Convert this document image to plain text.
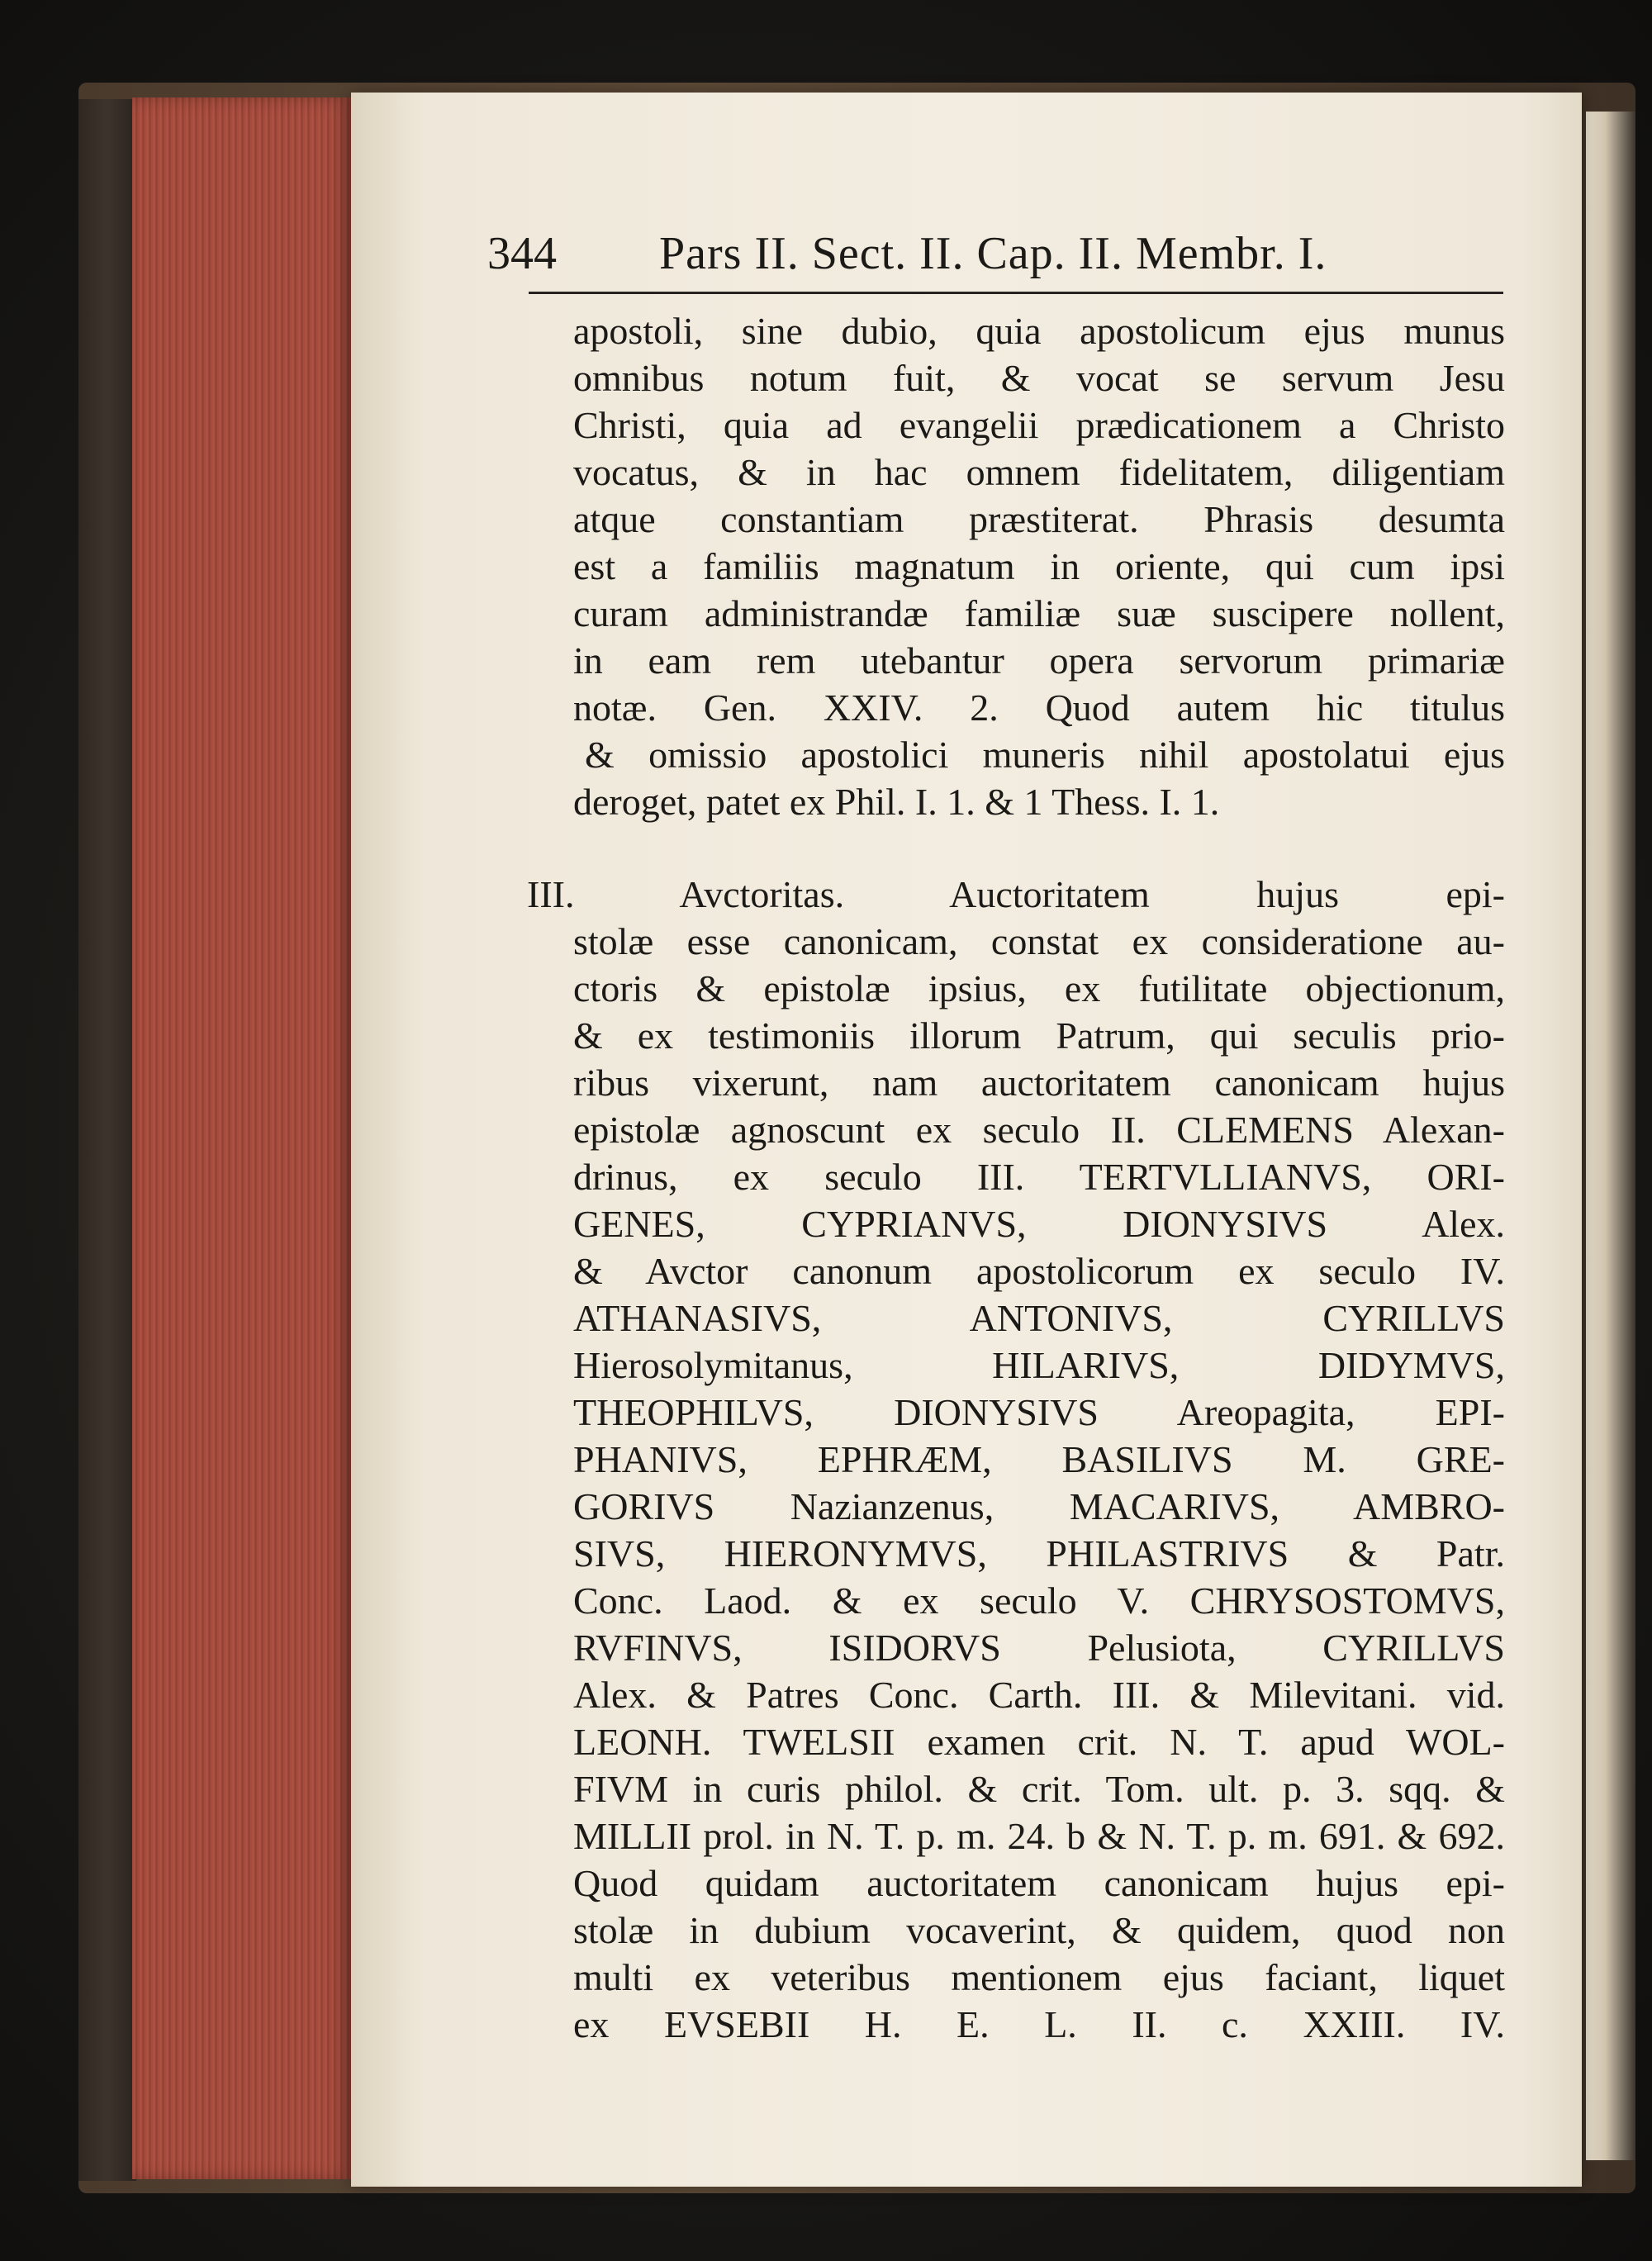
344 Pars II. Sect. II. Cap. II. Membr. I.
apostoli, sine dubio, quia apostolicum ejus munus
omnibus notum fuit, & vocat se servum Jesu
Christi, quia ad evangelii prædicationem a Christo
vocatus, & in hac omnem fidelitatem, diligentiam
atque constantiam præstiterat. Phrasis desumta
est a familiis magnatum in oriente, qui cum ipsi
curam administrandæ familiæ suæ suscipere nollent,
in eam rem utebantur opera servorum primariæ
notæ. Gen. XXIV. 2. Quod autem hic titulus
& omissio apostolici muneris nihil apostolatui ejus
deroget, patet ex Phil. I. 1. & 1 Thess. I. 1.
III. Avctoritas. Auctoritatem hujus epi-
stolæ esse canonicam, constat ex consideratione au-
ctoris & epistolæ ipsius, ex futilitate objectionum,
& ex testimoniis illorum Patrum, qui seculis prio-
ribus vixerunt, nam auctoritatem canonicam hujus
epistolæ agnoscunt ex seculo II. CLEMENS Alexan-
drinus, ex seculo III. TERTVLLIANVS, ORI-
GENES, CYPRIANVS, DIONYSIVS Alex.
& Avctor canonum apostolicorum ex seculo IV.
ATHANASIVS, ANTONIVS, CYRILLVS
Hierosolymitanus, HILARIVS, DIDYMVS,
THEOPHILVS, DIONYSIVS Areopagita, EPI-
PHANIVS, EPHRÆM, BASILIVS M. GRE-
GORIVS Nazianzenus, MACARIVS, AMBRO-
SIVS, HIERONYMVS, PHILASTRIVS & Patr.
Conc. Laod. & ex seculo V. CHRYSOSTOMVS,
RVFINVS, ISIDORVS Pelusiota, CYRILLVS
Alex. & Patres Conc. Carth. III. & Milevitani. vid.
LEONH. TWELSII examen crit. N. T. apud WOL-
FIVM in curis philol. & crit. Tom. ult. p. 3. sqq. &
MILLII prol. in N. T. p. m. 24. b & N. T. p. m. 691. & 692.
Quod quidam auctoritatem canonicam hujus epi-
stolæ in dubium vocaverint, & quidem, quod non
multi ex veteribus mentionem ejus faciant, liquet
ex EVSEBII H. E. L. II. c. XXIII. IV.
